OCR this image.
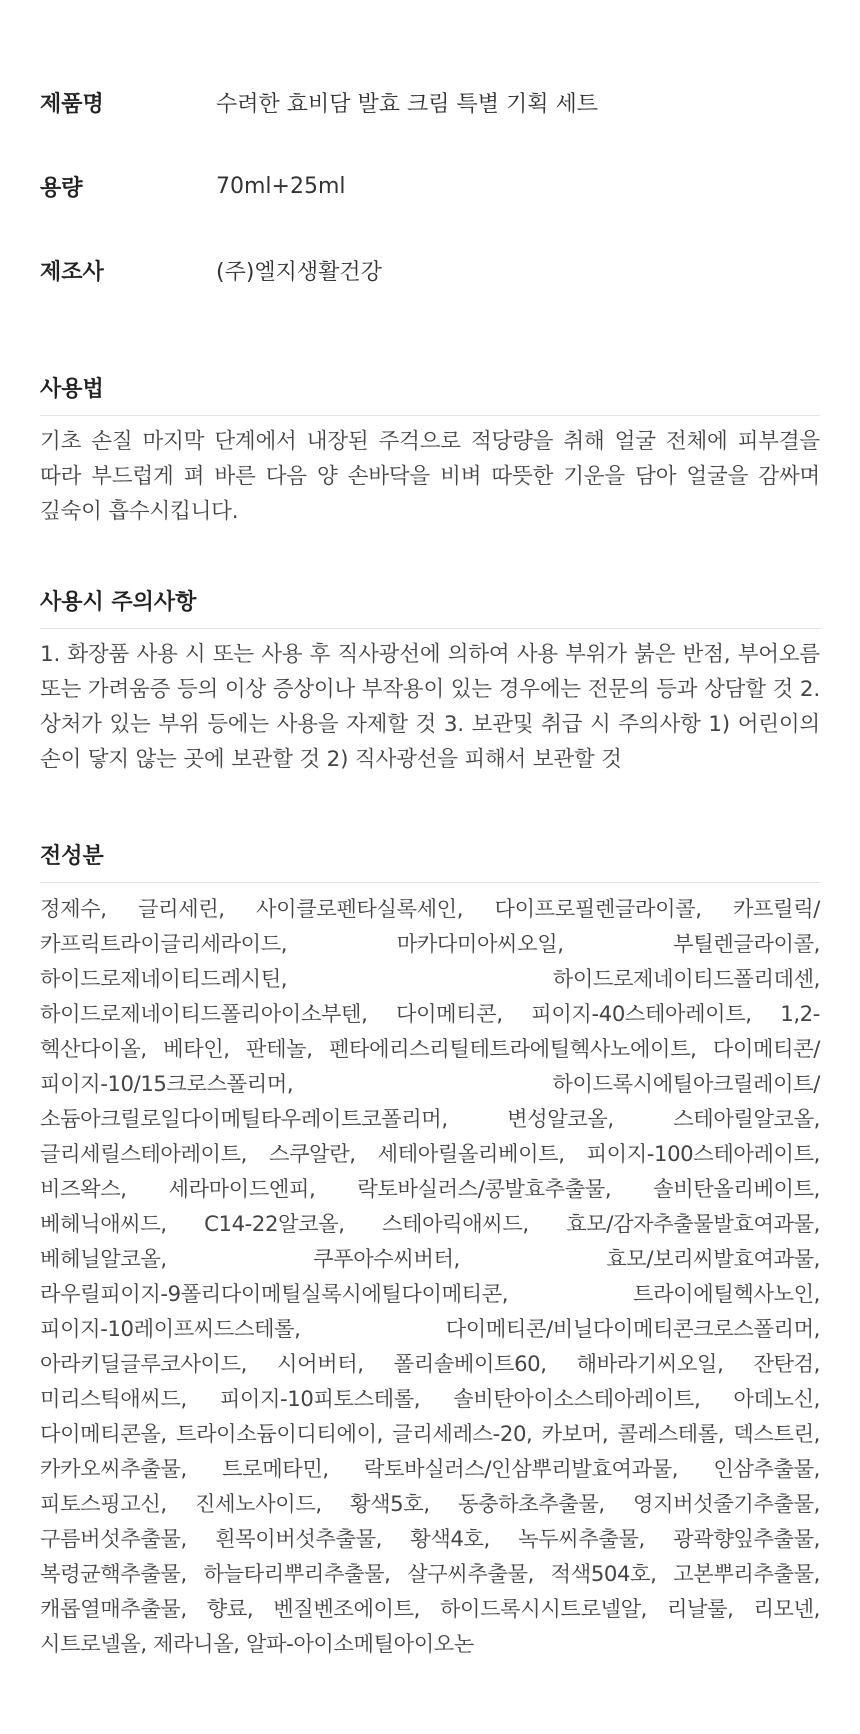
제품명	수려한 효비담 발효 크림 특별 기획 세트
용량	70ml+25ml
제조사	(주)엘지생활건강
사용법
기초 손질 마지막 단계에서 내장된 주걱으로 적당량을 취해 얼굴 전체에 피부결을 따라 부드럽게 펴 바른 다음 양 손바닥을 비벼 따뜻한 기운을 담아 얼굴을 감싸며 깊숙이 흡수시킵니다.
사용시 주의사항
1. 화장품 사용 시 또는 사용 후 직사광선에 의하여 사용 부위가 붉은 반점, 부어오름 또는 가려움증 등의 이상 증상이나 부작용이 있는 경우에는 전문의 등과 상담할 것 2. 상처가 있는 부위 등에는 사용을 자제할 것 3. 보관및 취급 시 주의사항 1) 어린이의 손이 닿지 않는 곳에 보관할 것 2) 직사광선을 피해서 보관할 것
전성분
정제수, 글리세린, 사이클로펜타실록세인, 다이프로필렌글라이콜, 카프릴릭/카프릭트라이글리세라이드, 마카다미아씨오일, 부틸렌글라이콜, 하이드로제네이티드레시틴, 하이드로제네이티드폴리데센, 하이드로제네이티드폴리아이소부텐, 다이메티콘, 피이지-40스테아레이트, 1,2-헥산다이올, 베타인, 판테놀, 펜타에리스리틸테트라에틸헥사노에이트, 다이메티콘/피이지-10/15크로스폴리머, 하이드록시에틸아크릴레이트/소듐아크릴로일다이메틸타우레이트코폴리머, 변성알코올, 스테아릴알코올, 글리세릴스테아레이트, 스쿠알란, 세테아릴올리베이트, 피이지-100스테아레이트, 비즈왁스, 세라마이드엔피, 락토바실러스/콩발효추출물, 솔비탄올리베이트, 베헤닉애씨드, C14-22알코올, 스테아릭애씨드, 효모/감자추출물발효여과물, 베헤닐알코올, 쿠푸아수씨버터, 효모/보리씨발효여과물, 라우릴피이지-9폴리다이메틸실록시에틸다이메티콘, 트라이에틸헥사노인, 피이지-10레이프씨드스테롤, 다이메티콘/비닐다이메티콘크로스폴리머, 아라키딜글루코사이드, 시어버터, 폴리솔베이트60, 해바라기씨오일, 잔탄검, 미리스틱애씨드, 피이지-10피토스테롤, 솔비탄아이소스테아레이트, 아데노신, 다이메티콘올, 트라이소듐이디티에이, 글리세레스-20, 카보머, 콜레스테롤, 덱스트린, 카카오씨추출물, 트로메타민, 락토바실러스/인삼뿌리발효여과물, 인삼추출물, 피토스핑고신, 진세노사이드, 황색5호, 동충하초추출물, 영지버섯줄기추출물, 구름버섯추출물, 흰목이버섯추출물, 황색4호, 녹두씨추출물, 광곽향잎추출물, 복령균핵추출물, 하늘타리뿌리추출물, 살구씨추출물, 적색504호, 고본뿌리추출물, 캐롭열매추출물, 향료, 벤질벤조에이트, 하이드록시시트로넬알, 리날룰, 리모넨, 시트로넬올, 제라니올, 알파-아이소메틸아이오논
